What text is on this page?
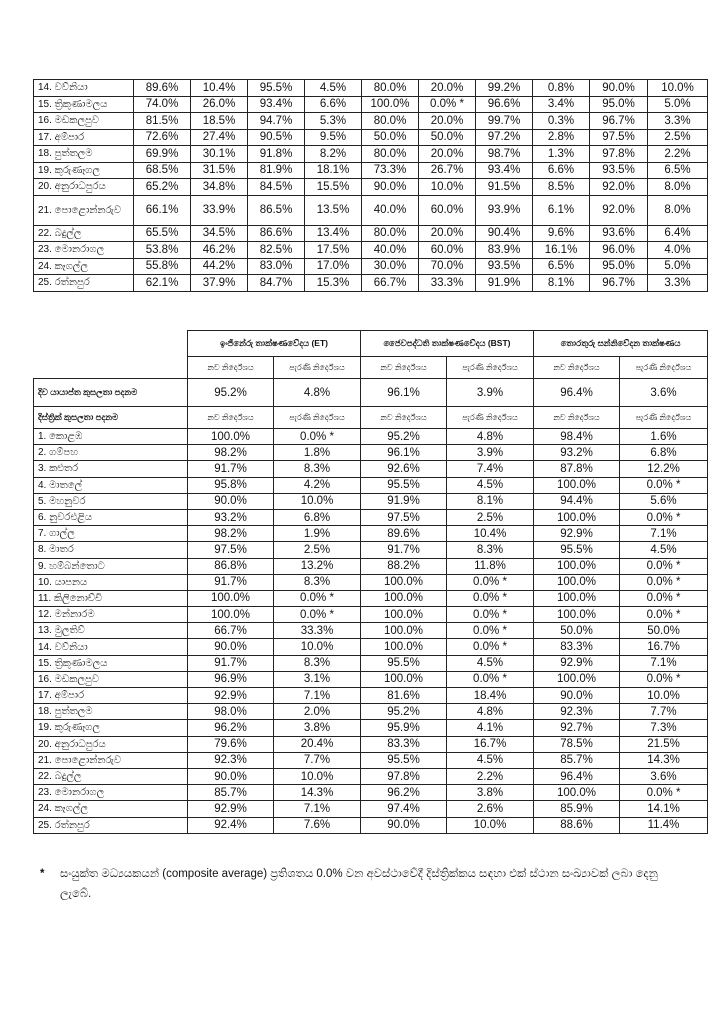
14. වව්නියා	89.6%	10.4%	95.5%	4.5%	80.0%	20.0%	99.2%	0.8%	90.0%	10.0%
15. ත්‍රිකුණාමලය	74.0%	26.0%	93.4%	6.6%	100.0%	0.0% *	96.6%	3.4%	95.0%	5.0%
16. මඩකලපුව	81.5%	18.5%	94.7%	5.3%	80.0%	20.0%	99.7%	0.3%	96.7%	3.3%
17. අම්පාර	72.6%	27.4%	90.5%	9.5%	50.0%	50.0%	97.2%	2.8%	97.5%	2.5%
18. පුත්තලම	69.9%	30.1%	91.8%	8.2%	80.0%	20.0%	98.7%	1.3%	97.8%	2.2%
19. කුරුණෑගල	68.5%	31.5%	81.9%	18.1%	73.3%	26.7%	93.4%	6.6%	93.5%	6.5%
20. අනුරාධපුරය	65.2%	34.8%	84.5%	15.5%	90.0%	10.0%	91.5%	8.5%	92.0%	8.0%
21. පොළොන්නරුව	66.1%	33.9%	86.5%	13.5%	40.0%	60.0%	93.9%	6.1%	92.0%	8.0%
22. බදුල්ල	65.5%	34.5%	86.6%	13.4%	80.0%	20.0%	90.4%	9.6%	93.6%	6.4%
23. මොනරාගල	53.8%	46.2%	82.5%	17.5%	40.0%	60.0%	83.9%	16.1%	96.0%	4.0%
24. කෑගල්ල	55.8%	44.2%	83.0%	17.0%	30.0%	70.0%	93.5%	6.5%	95.0%	5.0%
25. රත්නපුර	62.1%	37.9%	84.7%	15.3%	66.7%	33.3%	91.9%	8.1%	96.7%	3.3%
	ඉංජිනේරු තාක්ෂණවේදය (ET)		ජෛවපද්ධති තාක්ෂණවේදය (BST)		තොරතුරු සන්නිවේදන තාක්ෂණය	
	නව නිර්දේශය	පැරණි නිර්දේශය	නව නිර්දේශය	පැරණි නිර්දේශය	නව නිර්දේශය	පැරණි නිර්දේශය
දිව යායාප්ත කුසලතා පදනම	95.2%	4.8%	96.1%	3.9%	96.4%	3.6%
දිස්ත්‍රික් කුසලතා පදනම	නව නිර්දේශය	පැරණි නිර්දේශය	නව නිර්දේශය	පැරණි නිර්දේශය	නව නිර්දේශය	පැරණි නිර්දේශය
1. කොළඹ	100.0%	0.0% *	95.2%	4.8%	98.4%	1.6%
2. ගම්පහ	98.2%	1.8%	96.1%	3.9%	93.2%	6.8%
3. කළුතර	91.7%	8.3%	92.6%	7.4%	87.8%	12.2%
4. මාතලේ	95.8%	4.2%	95.5%	4.5%	100.0%	0.0% *
5. මහනුවර	90.0%	10.0%	91.9%	8.1%	94.4%	5.6%
6. නුවරඑළිය	93.2%	6.8%	97.5%	2.5%	100.0%	0.0% *
7. ගාල්ල	98.2%	1.9%	89.6%	10.4%	92.9%	7.1%
8. මාතර	97.5%	2.5%	91.7%	8.3%	95.5%	4.5%
9. හම්බන්තොට	86.8%	13.2%	88.2%	11.8%	100.0%	0.0% *
10. යාපනය	91.7%	8.3%	100.0%	0.0% *	100.0%	0.0% *
11. කිලිනොච්චි	100.0%	0.0% *	100.0%	0.0% *	100.0%	0.0% *
12. මන්නාරම	100.0%	0.0% *	100.0%	0.0% *	100.0%	0.0% *
13. මුලතිව්	66.7%	33.3%	100.0%	0.0% *	50.0%	50.0%
14. වව්නියා	90.0%	10.0%	100.0%	0.0% *	83.3%	16.7%
15. ත්‍රිකුණාමලය	91.7%	8.3%	95.5%	4.5%	92.9%	7.1%
16. මඩකලපුව	96.9%	3.1%	100.0%	0.0% *	100.0%	0.0% *
17. අම්පාර	92.9%	7.1%	81.6%	18.4%	90.0%	10.0%
18. පුත්තලම	98.0%	2.0%	95.2%	4.8%	92.3%	7.7%
19. කුරුණෑගල	96.2%	3.8%	95.9%	4.1%	92.7%	7.3%
20. අනුරාධපුරය	79.6%	20.4%	83.3%	16.7%	78.5%	21.5%
21. පොළොන්නරුව	92.3%	7.7%	95.5%	4.5%	85.7%	14.3%
22. බදුල්ල	90.0%	10.0%	97.8%	2.2%	96.4%	3.6%
23. මොනරාගල	85.7%	14.3%	96.2%	3.8%	100.0%	0.0% *
24. කෑගල්ල	92.9%	7.1%	97.4%	2.6%	85.9%	14.1%
25. රත්නපුර	92.4%	7.6%	90.0%	10.0%	88.6%	11.4%
* සංයුක්ත මධ්‍යයකයන් (composite average) ප්‍රතිශතය 0.0% වන අවස්ථාවේදී දිස්ත්‍රික්කය සඳහා එක් ස්ථාන සංඛ්‍යාවක් ලබා දෙනු ලැබේ.
